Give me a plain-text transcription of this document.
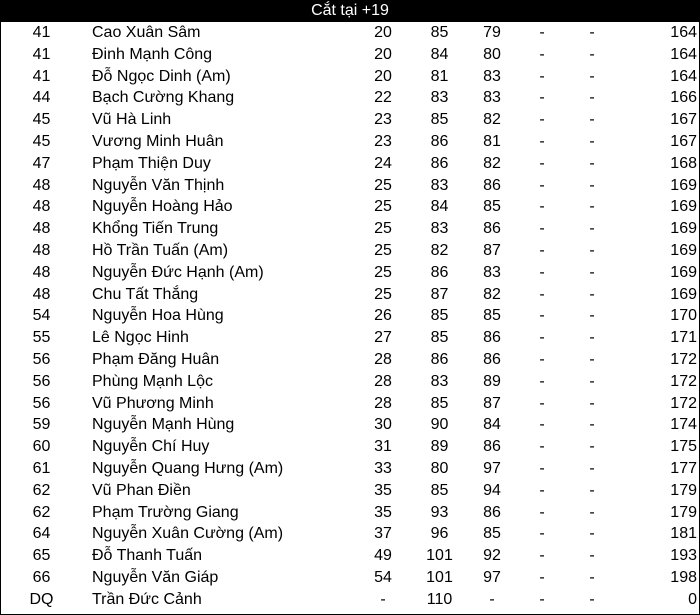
Cắt tại +19
41	Cao Xuân Sâm	20	85	79	-	-	164
41	Đinh Mạnh Công	20	84	80	-	-	164
41	Đỗ Ngọc Dinh (Am)	20	81	83	-	-	164
44	Bạch Cường Khang	22	83	83	-	-	166
45	Vũ Hà Linh	23	85	82	-	-	167
45	Vương Minh Huân	23	86	81	-	-	167
47	Phạm Thiện Duy	24	86	82	-	-	168
48	Nguyễn Văn Thịnh	25	83	86	-	-	169
48	Nguyễn Hoàng Hảo	25	84	85	-	-	169
48	Khổng Tiến Trung	25	83	86	-	-	169
48	Hồ Trần Tuấn (Am)	25	82	87	-	-	169
48	Nguyễn Đức Hạnh (Am)	25	86	83	-	-	169
48	Chu Tất Thắng	25	87	82	-	-	169
54	Nguyễn Hoa Hùng	26	85	85	-	-	170
55	Lê Ngọc Hinh	27	85	86	-	-	171
56	Phạm Đăng Huân	28	86	86	-	-	172
56	Phùng Mạnh Lộc	28	83	89	-	-	172
56	Vũ Phương Minh	28	85	87	-	-	172
59	Nguyễn Mạnh Hùng	30	90	84	-	-	174
60	Nguyễn Chí Huy	31	89	86	-	-	175
61	Nguyễn Quang Hưng (Am)	33	80	97	-	-	177
62	Vũ Phan Điền	35	85	94	-	-	179
62	Phạm Trường Giang	35	93	86	-	-	179
64	Nguyễn Xuân Cường (Am)	37	96	85	-	-	181
65	Đỗ Thanh Tuấn	49	101	92	-	-	193
66	Nguyễn Văn Giáp	54	101	97	-	-	198
DQ	Trần Đức Cảnh	-	110	-	-	-	0
